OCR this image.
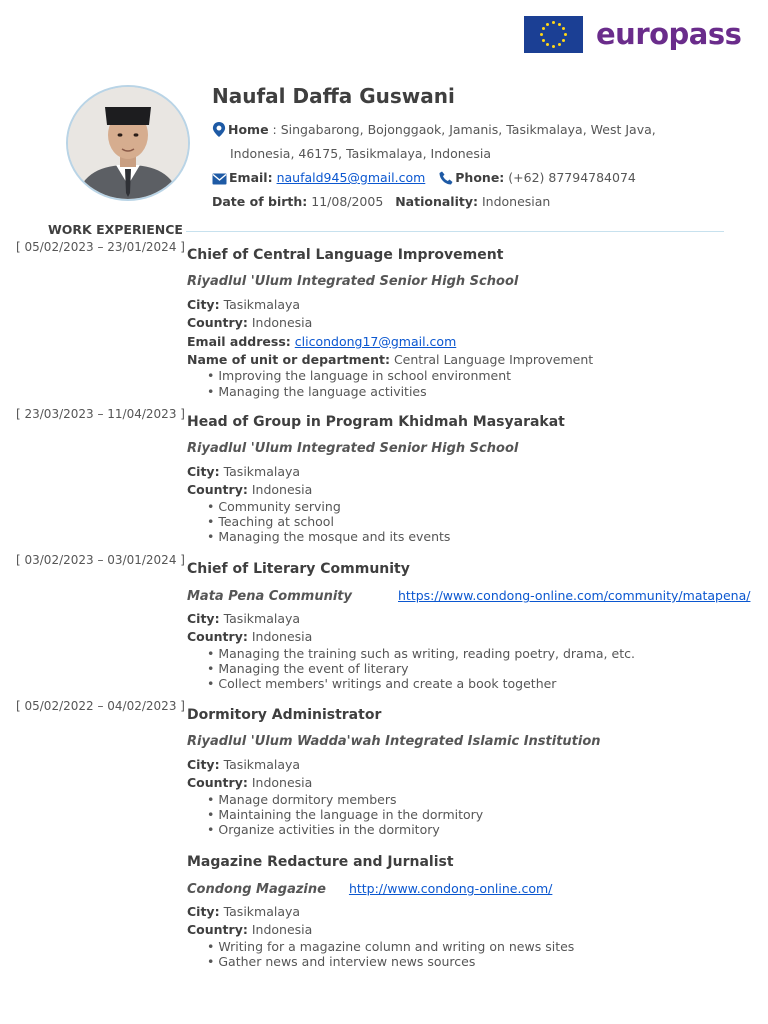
europass
Naufal Daffa Guswani
Home : Singabarong, Bojonggaok, Jamanis, Tasikmalaya, West Java, Indonesia, 46175, Tasikmalaya, Indonesia
Email: naufald945@gmail.com Phone: (+62) 87794784074
Date of birth: 11/08/2005 Nationality: Indonesian
WORK EXPERIENCE
[ 05/02/2023 – 23/01/2024 ] Chief of Central Language Improvement
Riyadlul 'Ulum Integrated Senior High School
City: Tasikmalaya
Country: Indonesia
Email address: clicondong17@gmail.com
Name of unit or department: Central Language Improvement
• Improving the language in school environment
• Managing the language activities
[ 23/03/2023 – 11/04/2023 ] Head of Group in Program Khidmah Masyarakat
Riyadlul 'Ulum Integrated Senior High School
City: Tasikmalaya
Country: Indonesia
• Community serving
• Teaching at school
• Managing the mosque and its events
[ 03/02/2023 – 03/01/2024 ]
Chief of Literary Community
Mata Pena Community	https://www.condong-online.com/community/matapena/
City: Tasikmalaya
Country: Indonesia
• Managing the training such as writing, reading poetry, drama, etc.
• Managing the event of literary
• Collect members' writings and create a book together
[ 05/02/2022 – 04/02/2023 ]
Dormitory Administrator
Riyadlul 'Ulum Wadda'wah Integrated Islamic Institution
City: Tasikmalaya
Country: Indonesia
• Manage dormitory members
• Maintaining the language in the dormitory
• Organize activities in the dormitory
Magazine Redacture and Jurnalist
Condong Magazine http://www.condong-online.com/
City: Tasikmalaya
Country: Indonesia
• Writing for a magazine column and writing on news sites
• Gather news and interview news sources
